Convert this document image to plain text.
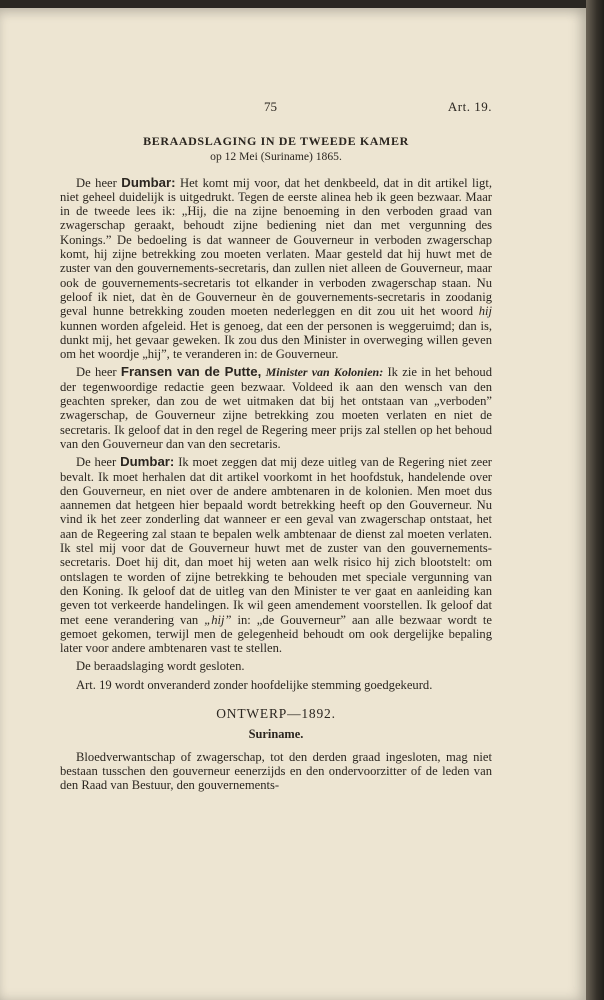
75	Art. 19.
BERAADSLAGING IN DE TWEEDE KAMER
op 12 Mei (Suriname) 1865.

De heer Dumbar: Het komt mij voor, dat het denkbeeld, dat in dit artikel ligt, niet geheel duidelijk is uitgedrukt. Tegen de eerste alinea heb ik geen bezwaar. Maar in de tweede lees ik: „Hij, die na zijne benoeming in den verboden graad van zwagerschap geraakt, behoudt zijne bediening niet dan met vergunning des Konings.” De bedoeling is dat wanneer de Gouverneur in verboden zwagerschap komt, hij zijne betrekking zou moeten verlaten. Maar gesteld dat hij huwt met de zuster van den gouvernements-secretaris, dan zullen niet alleen de Gouverneur, maar ook de gouvernements-secretaris tot elkander in verboden zwagerschap staan. Nu geloof ik niet, dat èn de Gouverneur èn de gouvernements-secretaris in zoodanig geval hunne betrekking zouden moeten nederleggen en dit zou uit het woord hij kunnen worden afgeleid. Het is genoeg, dat een der personen is weggeruimd; dan is, dunkt mij, het gevaar geweken. Ik zou dus den Minister in overweging willen geven om het woordje „hij”, te veranderen in: de Gouverneur.

De heer Fransen van de Putte, Minister van Kolonien: Ik zie in het behoud der tegenwoordige redactie geen bezwaar. Voldeed ik aan den wensch van den geachten spreker, dan zou de wet uitmaken dat bij het ontstaan van „verboden” zwagerschap, de Gouverneur zijne betrekking zou moeten verlaten en niet de secretaris. Ik geloof dat in den regel de Regering meer prijs zal stellen op het behoud van den Gouverneur dan van den secretaris.

De heer Dumbar: Ik moet zeggen dat mij deze uitleg van de Regering niet zeer bevalt. Ik moet herhalen dat dit artikel voorkomt in het hoofdstuk, handelende over den Gouverneur, en niet over de andere ambtenaren in de kolonien. Men moet dus aannemen dat hetgeen hier bepaald wordt betrekking heeft op den Gouverneur. Nu vind ik het zeer zonderling dat wanneer er een geval van zwagerschap ontstaat, het aan de Regeering zal staan te bepalen welk ambtenaar de dienst zal moeten verlaten. Ik stel mij voor dat de Gouverneur huwt met de zuster van den gouvernements-secretaris. Doet hij dit, dan moet hij weten aan welk risico hij zich blootstelt: om ontslagen te worden of zijne betrekking te behouden met speciale vergunning van den Koning. Ik geloof dat de uitleg van den Minister te ver gaat en aanleiding kan geven tot verkeerde handelingen. Ik wil geen amendement voorstellen. Ik geloof dat met eene verandering van „hij” in: „de Gouverneur” aan alle bezwaar wordt te gemoet gekomen, terwijl men de gelegenheid behoudt om ook dergelijke bepaling later voor andere ambtenaren vast te stellen.

De beraadslaging wordt gesloten.

Art. 19 wordt onveranderd zonder hoofdelijke stemming goedgekeurd.

ONTWERP—1892.
Suriname.

Bloedverwantschap of zwagerschap, tot den derden graad ingesloten, mag niet bestaan tusschen den gouverneur eenerzijds en den ondervoorzitter of de leden van den Raad van Bestuur, den gouvernements-
